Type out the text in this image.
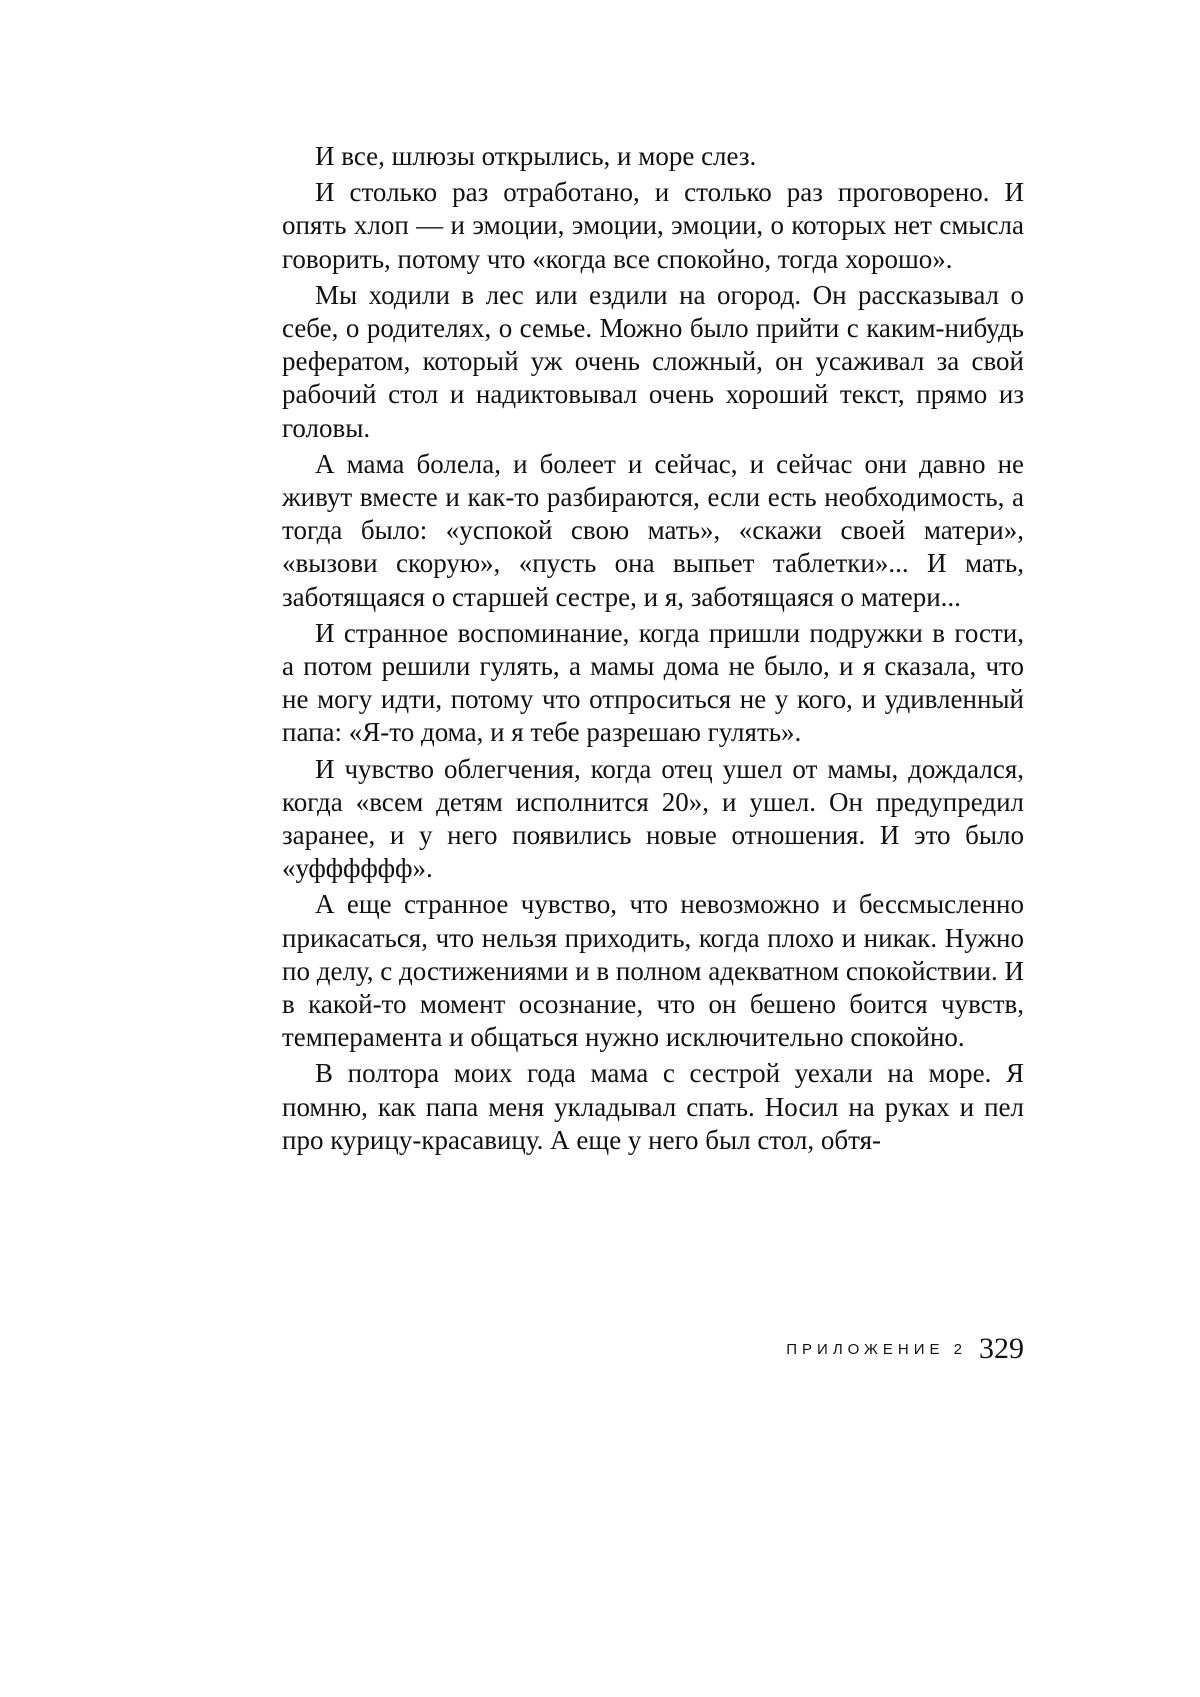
И все, шлюзы открылись, и море слез.

И столько раз отработано, и столько раз проговорено. И опять хлоп — и эмоции, эмоции, эмоции, о которых нет смысла говорить, потому что «когда все спокойно, тогда хорошо».

Мы ходили в лес или ездили на огород. Он рассказывал о себе, о родителях, о семье. Можно было прийти с каким-нибудь рефератом, который уж очень сложный, он усаживал за свой рабочий стол и надиктовывал очень хороший текст, прямо из головы.

А мама болела, и болеет и сейчас, и сейчас они давно не живут вместе и как-то разбираются, если есть необходимость, а тогда было: «успокой свою мать», «скажи своей матери», «вызови скорую», «пусть она выпьет таблетки»... И мать, заботящаяся о старшей сестре, и я, заботящаяся о матери...

И странное воспоминание, когда пришли подружки в гости, а потом решили гулять, а мамы дома не было, и я сказала, что не могу идти, потому что отпроситься не у кого, и удивленный папа: «Я-то дома, и я тебе разрешаю гулять».

И чувство облегчения, когда отец ушел от мамы, дождался, когда «всем детям исполнится 20», и ушел. Он предупредил заранее, и у него появились новые отношения. И это было «уфффффф».

А еще странное чувство, что невозможно и бессмысленно прикасаться, что нельзя приходить, когда плохо и никак. Нужно по делу, с достижениями и в полном адекватном спокойствии. И в какой-то момент осознание, что он бешено боится чувств, темперамента и общаться нужно исключительно спокойно.

В полтора моих года мама с сестрой уехали на море. Я помню, как папа меня укладывал спать. Носил на руках и пел про курицу-красавицу. А еще у него был стол, обтя-

ПРИЛОЖЕНИЕ 2 329
